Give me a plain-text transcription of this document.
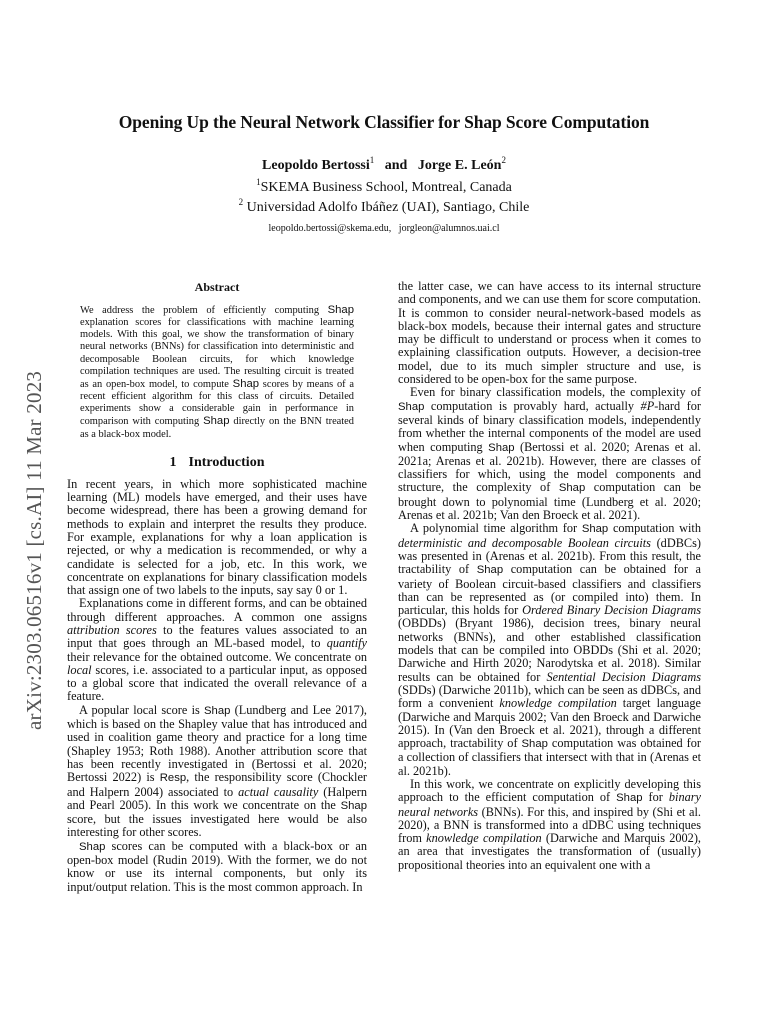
arXiv:2303.06516v1 [cs.AI] 11 Mar 2023
Opening Up the Neural Network Classifier for Shap Score Computation
Leopoldo Bertossi$^1$ and Jorge E. León$^2$
$^1$SKEMA Business School, Montreal, Canada
$^2$ Universidad Adolfo Ibáñez (UAI), Santiago, Chile
leopoldo.bertossi@skema.edu,   jorgleon@alumnos.uai.cl
Abstract

We address the problem of efficiently computing Shap explanation scores for classifications with machine learning models. With this goal, we show the transformation of binary neural networks (BNNs) for classification into deterministic and decomposable Boolean circuits, for which knowledge compilation techniques are used. The resulting circuit is treated as an open-box model, to compute Shap scores by means of a recent efficient algorithm for this class of circuits. Detailed experiments show a considerable gain in performance in comparison with computing Shap directly on the BNN treated as a black-box model.

1 Introduction

In recent years, in which more sophisticated machine learning (ML) models have emerged, and their uses have become widespread, there has been a growing demand for methods to explain and interpret the results they produce. For example, explanations for why a loan application is rejected, or why a medication is recommended, or why a candidate is selected for a job, etc. In this work, we concentrate on explanations for binary classification models that assign one of two labels to the inputs, say say 0 or 1.

Explanations come in different forms, and can be obtained through different approaches. A common one assigns attribution scores to the features values associated to an input that goes through an ML-based model, to quantify their relevance for the obtained outcome. We concentrate on local scores, i.e. associated to a particular input, as opposed to a global score that indicated the overall relevance of a feature.

A popular local score is Shap (Lundberg and Lee 2017), which is based on the Shapley value that has introduced and used in coalition game theory and practice for a long time (Shapley 1953; Roth 1988). Another attribution score that has been recently investigated in (Bertossi et al. 2020; Bertossi 2022) is Resp, the responsibility score (Chockler and Halpern 2004) associated to actual causality (Halpern and Pearl 2005). In this work we concentrate on the Shap score, but the issues investigated here would be also interesting for other scores.

Shap scores can be computed with a black-box or an open-box model (Rudin 2019). With the former, we do not know or use its internal components, but only its input/output relation. This is the most common approach. In

the latter case, we can have access to its internal structure and components, and we can use them for score computation. It is common to consider neural-network-based models as black-box models, because their internal gates and structure may be difficult to understand or process when it comes to explaining classification outputs. However, a decision-tree model, due to its much simpler structure and use, is considered to be open-box for the same purpose.

Even for binary classification models, the complexity of Shap computation is provably hard, actually #P-hard for several kinds of binary classification models, independently from whether the internal components of the model are used when computing Shap (Bertossi et al. 2020; Arenas et al. 2021a; Arenas et al. 2021b). However, there are classes of classifiers for which, using the model components and structure, the complexity of Shap computation can be brought down to polynomial time (Lundberg et al. 2020; Arenas et al. 2021b; Van den Broeck et al. 2021).

A polynomial time algorithm for Shap computation with deterministic and decomposable Boolean circuits (dDBCs) was presented in (Arenas et al. 2021b). From this result, the tractability of Shap computation can be obtained for a variety of Boolean circuit-based classifiers and classifiers than can be represented as (or compiled into) them. In particular, this holds for Ordered Binary Decision Diagrams (OBDDs) (Bryant 1986), decision trees, binary neural networks (BNNs), and other established classification models that can be compiled into OBDDs (Shi et al. 2020; Darwiche and Hirth 2020; Narodytska et al. 2018). Similar results can be obtained for Sentential Decision Diagrams (SDDs) (Darwiche 2011b), which can be seen as dDBCs, and form a convenient knowledge compilation target language (Darwiche and Marquis 2002; Van den Broeck and Darwiche 2015). In (Van den Broeck et al. 2021), through a different approach, tractability of Shap computation was obtained for a collection of classifiers that intersect with that in (Arenas et al. 2021b).

In this work, we concentrate on explicitly developing this approach to the efficient computation of Shap for binary neural networks (BNNs). For this, and inspired by (Shi et al. 2020), a BNN is transformed into a dDBC using techniques from knowledge compilation (Darwiche and Marquis 2002), an area that investigates the transformation of (usually) propositional theories into an equivalent one with a
